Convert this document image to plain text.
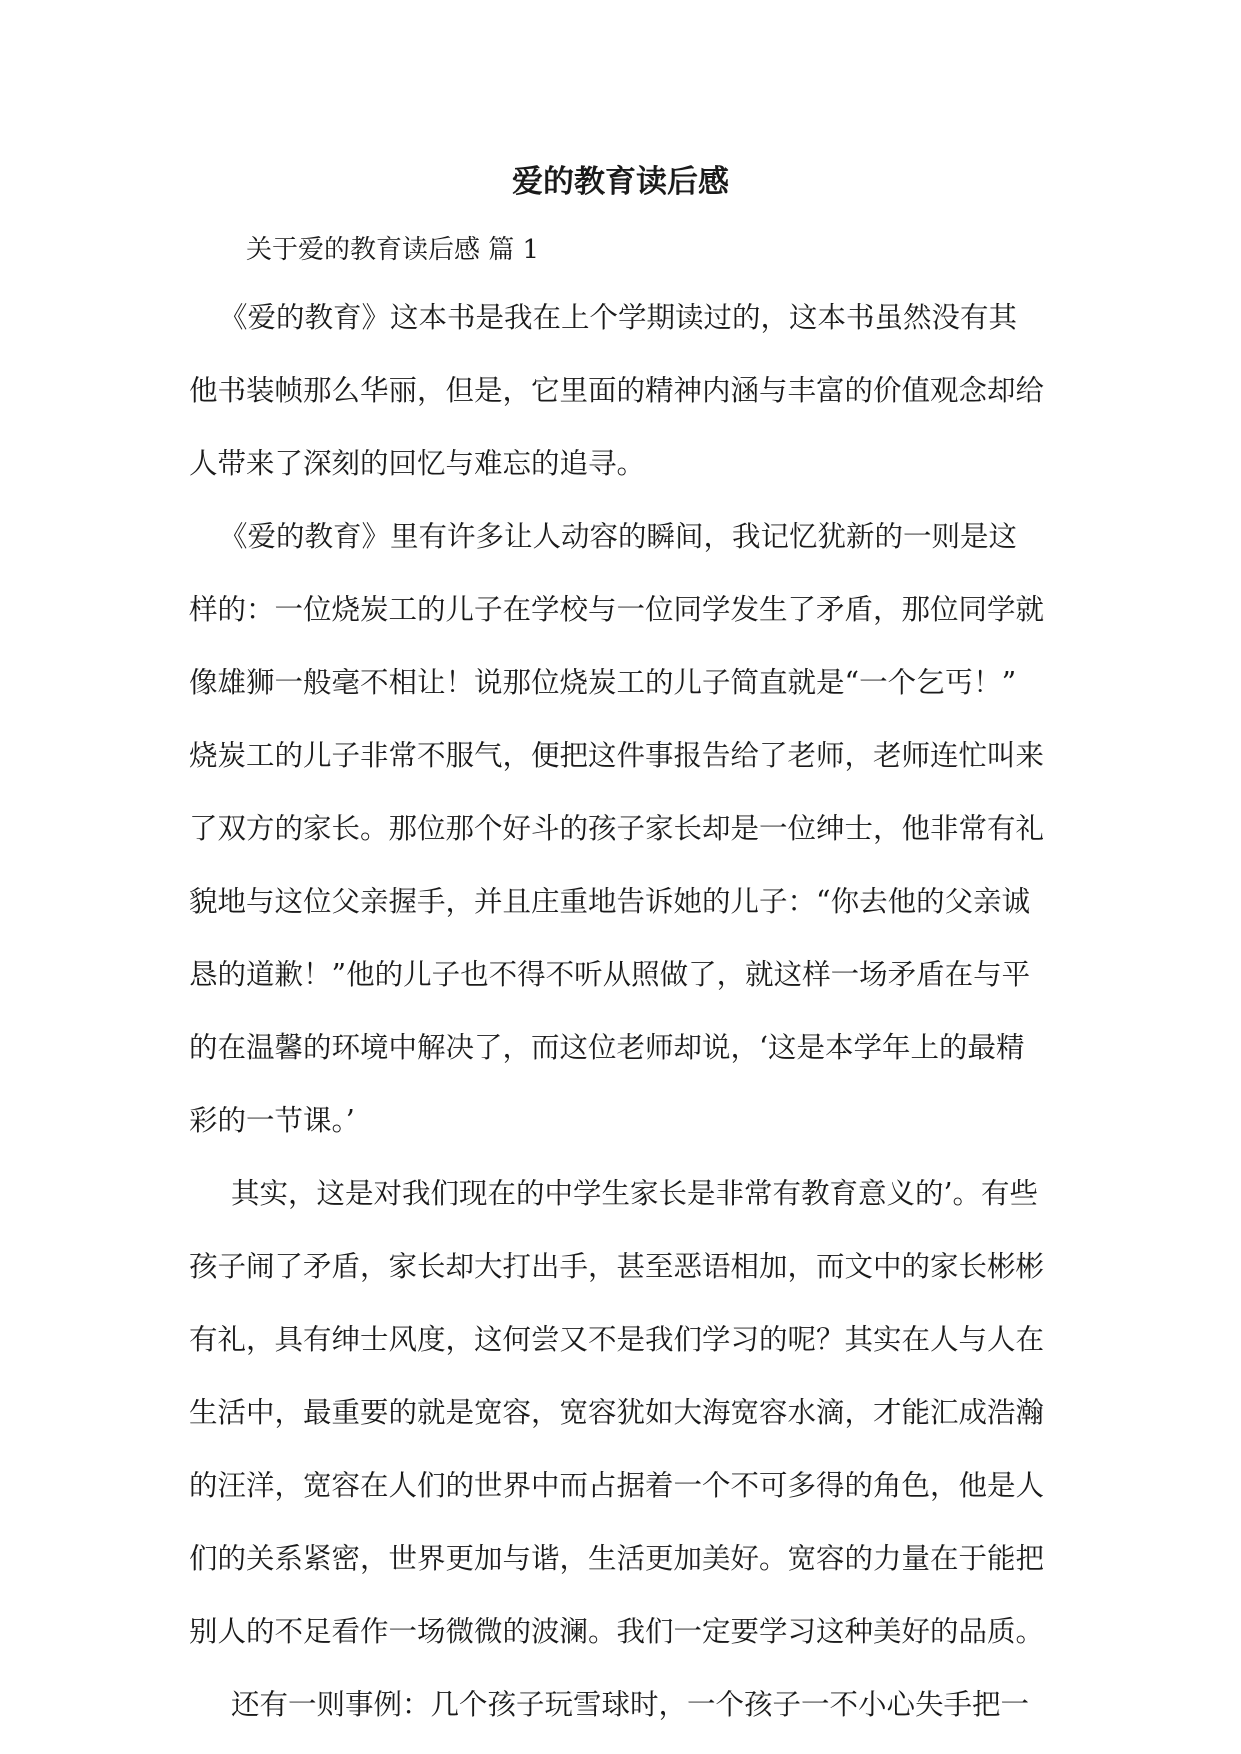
爱的教育读后感

关于爱的教育读后感 篇 1

《爱的教育》这本书是我在上个学期读过的，这本书虽然没有其

他书装帧那么华丽，但是，它里面的精神内涵与丰富的价值观念却给

人带来了深刻的回忆与难忘的追寻。

《爱的教育》里有许多让人动容的瞬间，我记忆犹新的一则是这

样的：一位烧炭工的儿子在学校与一位同学发生了矛盾，那位同学就

像雄狮一般毫不相让！说那位烧炭工的儿子简直就是“一个乞丐！”

烧炭工的儿子非常不服气，便把这件事报告给了老师，老师连忙叫来

了双方的家长。那位那个好斗的孩子家长却是一位绅士，他非常有礼

貌地与这位父亲握手，并且庄重地告诉她的儿子：“你去他的父亲诚

恳的道歉！”他的儿子也不得不听从照做了，就这样一场矛盾在与平

的在温馨的环境中解决了，而这位老师却说，‘这是本学年上的最精

彩的一节课。’

其实，这是对我们现在的中学生家长是非常有教育意义的’。有些

孩子闹了矛盾，家长却大打出手，甚至恶语相加，而文中的家长彬彬

有礼，具有绅士风度，这何尝又不是我们学习的呢？其实在人与人在

生活中，最重要的就是宽容，宽容犹如大海宽容水滴，才能汇成浩瀚

的汪洋，宽容在人们的世界中而占据着一个不可多得的角色，他是人

们的关系紧密，世界更加与谐，生活更加美好。宽容的力量在于能把

别人的不足看作一场微微的波澜。我们一定要学习这种美好的品质。

还有一则事例：几个孩子玩雪球时，一个孩子一不小心失手把一
